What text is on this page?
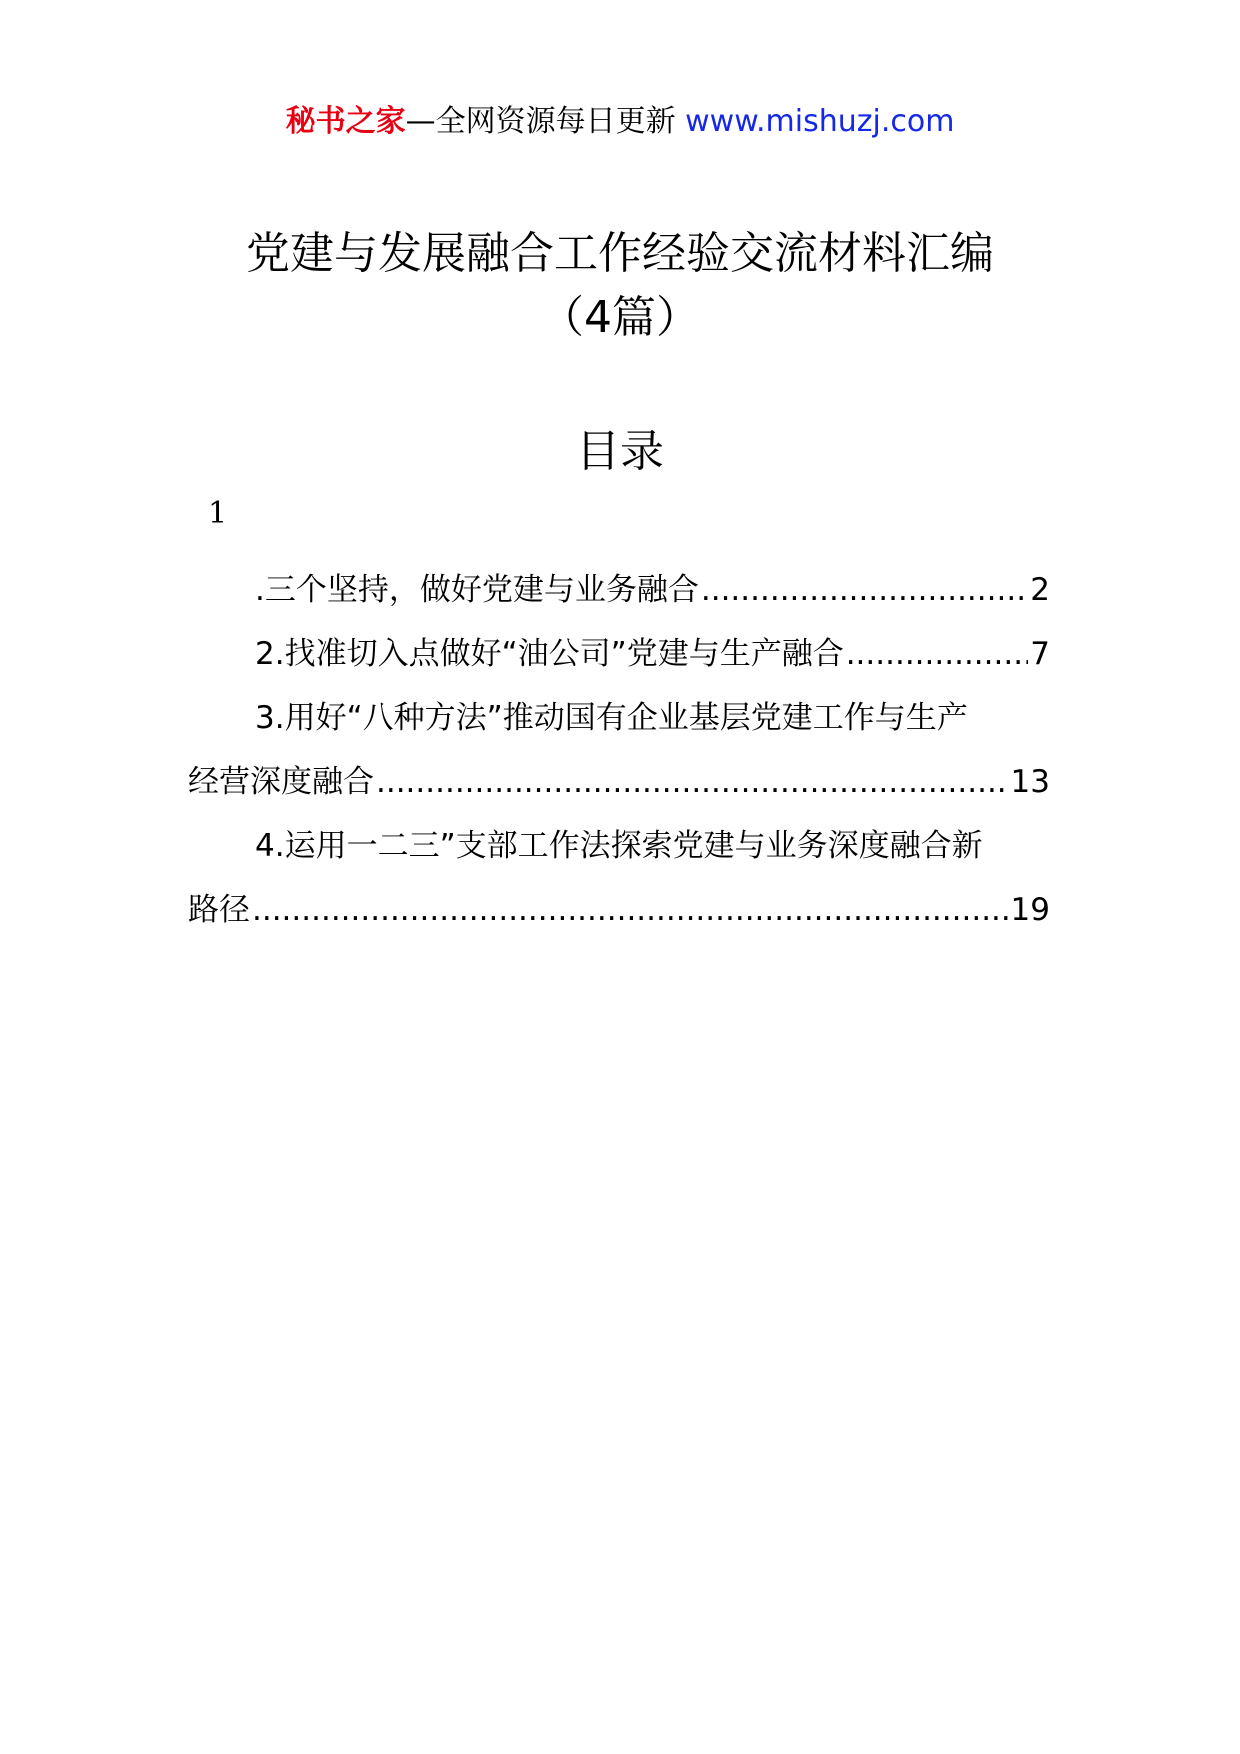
秘书之家—全网资源每日更新 www.mishuzj.com
党建与发展融合工作经验交流材料汇编
（4篇）
目录
1
.三个坚持，做好党建与业务融合 .....	2
2.找准切入点做好“油公司”党建与生产融合 .....	7
3.用好“八种方法”推动国有企业基层党建工作与生产
经营深度融合 .....	13
4.运用一二三”支部工作法探索党建与业务深度融合新
路径 .....	19
